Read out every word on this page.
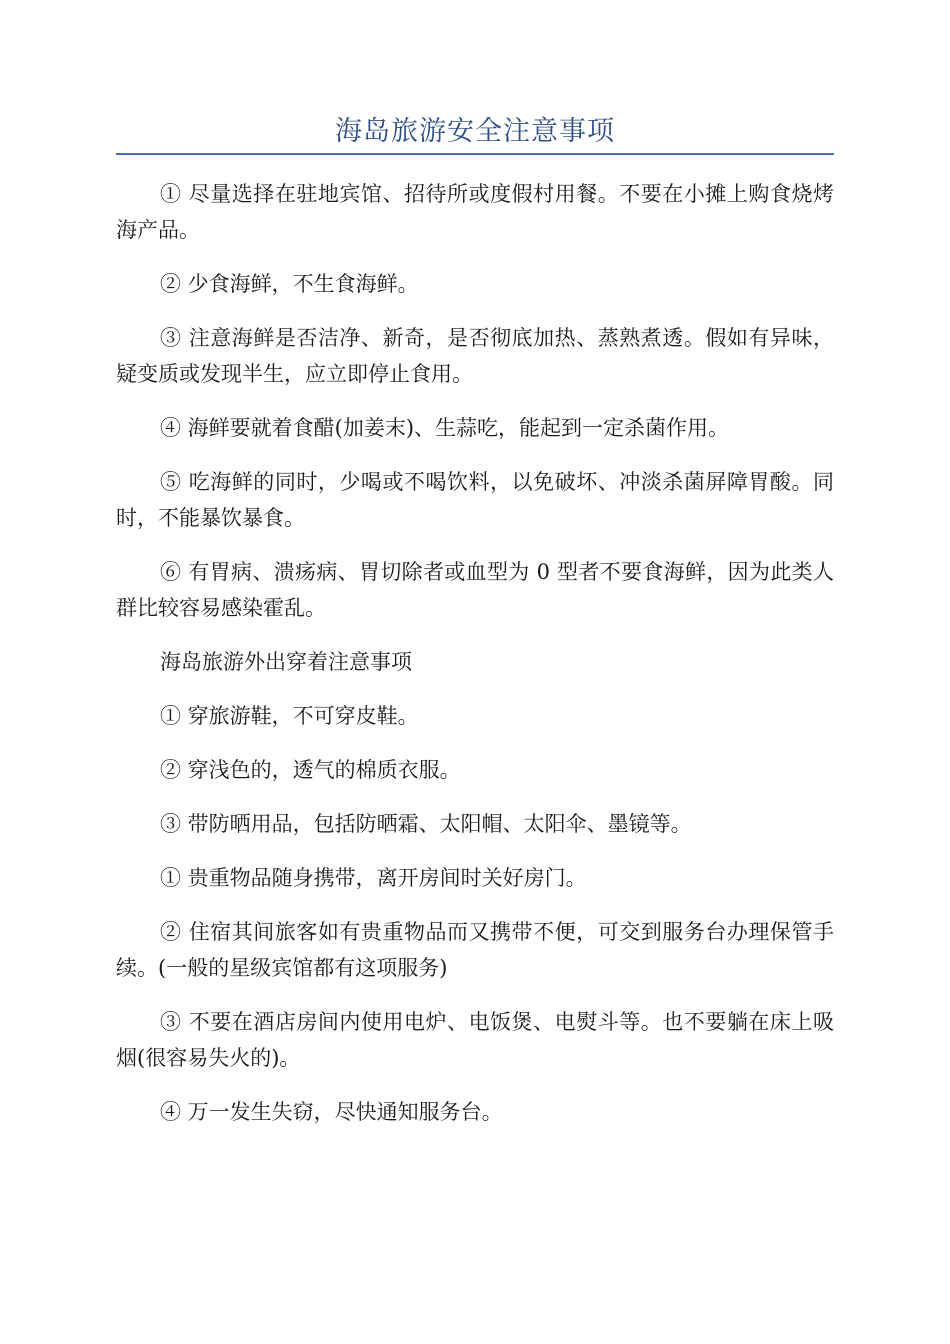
海岛旅游安全注意事项

① 尽量选择在驻地宾馆、招待所或度假村用餐。不要在小摊上购食烧烤海产品。

② 少食海鲜，不生食海鲜。

③ 注意海鲜是否洁净、新奇，是否彻底加热、蒸熟煮透。假如有异味，疑变质或发现半生，应立即停止食用。

④ 海鲜要就着食醋(加姜末)、生蒜吃，能起到一定杀菌作用。

⑤ 吃海鲜的同时，少喝或不喝饮料，以免破坏、冲淡杀菌屏障胃酸。同时，不能暴饮暴食。

⑥ 有胃病、溃疡病、胃切除者或血型为 0 型者不要食海鲜，因为此类人群比较容易感染霍乱。

海岛旅游外出穿着注意事项

① 穿旅游鞋，不可穿皮鞋。

② 穿浅色的，透气的棉质衣服。

③ 带防晒用品，包括防晒霜、太阳帽、太阳伞、墨镜等。

① 贵重物品随身携带，离开房间时关好房门。

② 住宿其间旅客如有贵重物品而又携带不便，可交到服务台办理保管手续。(一般的星级宾馆都有这项服务)

③ 不要在酒店房间内使用电炉、电饭煲、电熨斗等。也不要躺在床上吸烟(很容易失火的)。

④ 万一发生失窃，尽快通知服务台。
